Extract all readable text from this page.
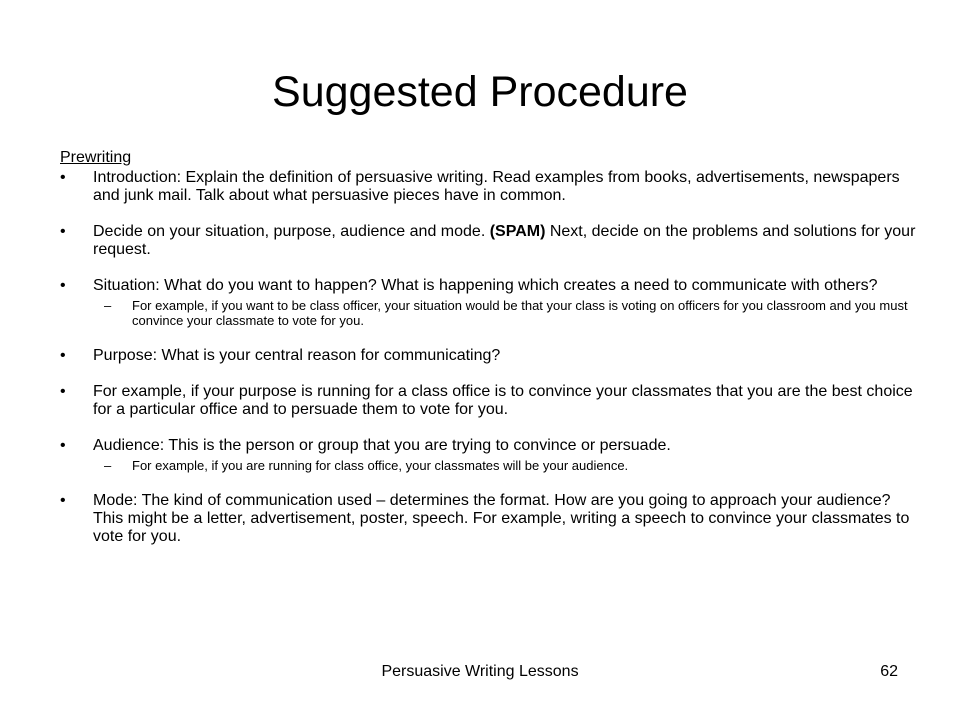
Suggested Procedure
Prewriting
• Introduction: Explain the definition of persuasive writing. Read examples from books, advertisements, newspapers and junk mail. Talk about what persuasive pieces have in common.
• Decide on your situation, purpose, audience and mode. (SPAM) Next, decide on the problems and solutions for your request.
• Situation: What do you want to happen? What is happening which creates a need to communicate with others?
– For example, if you want to be class officer, your situation would be that your class is voting on officers for you classroom and you must convince your classmate to vote for you.
• Purpose: What is your central reason for communicating?
• For example, if your purpose is running for a class office is to convince your classmates that you are the best choice for a particular office and to persuade them to vote for you.
• Audience: This is the person or group that you are trying to convince or persuade.
– For example, if you are running for class office, your classmates will be your audience.
• Mode: The kind of communication used – determines the format. How are you going to approach your audience? This might be a letter, advertisement, poster, speech. For example, writing a speech to convince your classmates to vote for you.
Persuasive Writing Lessons	62
